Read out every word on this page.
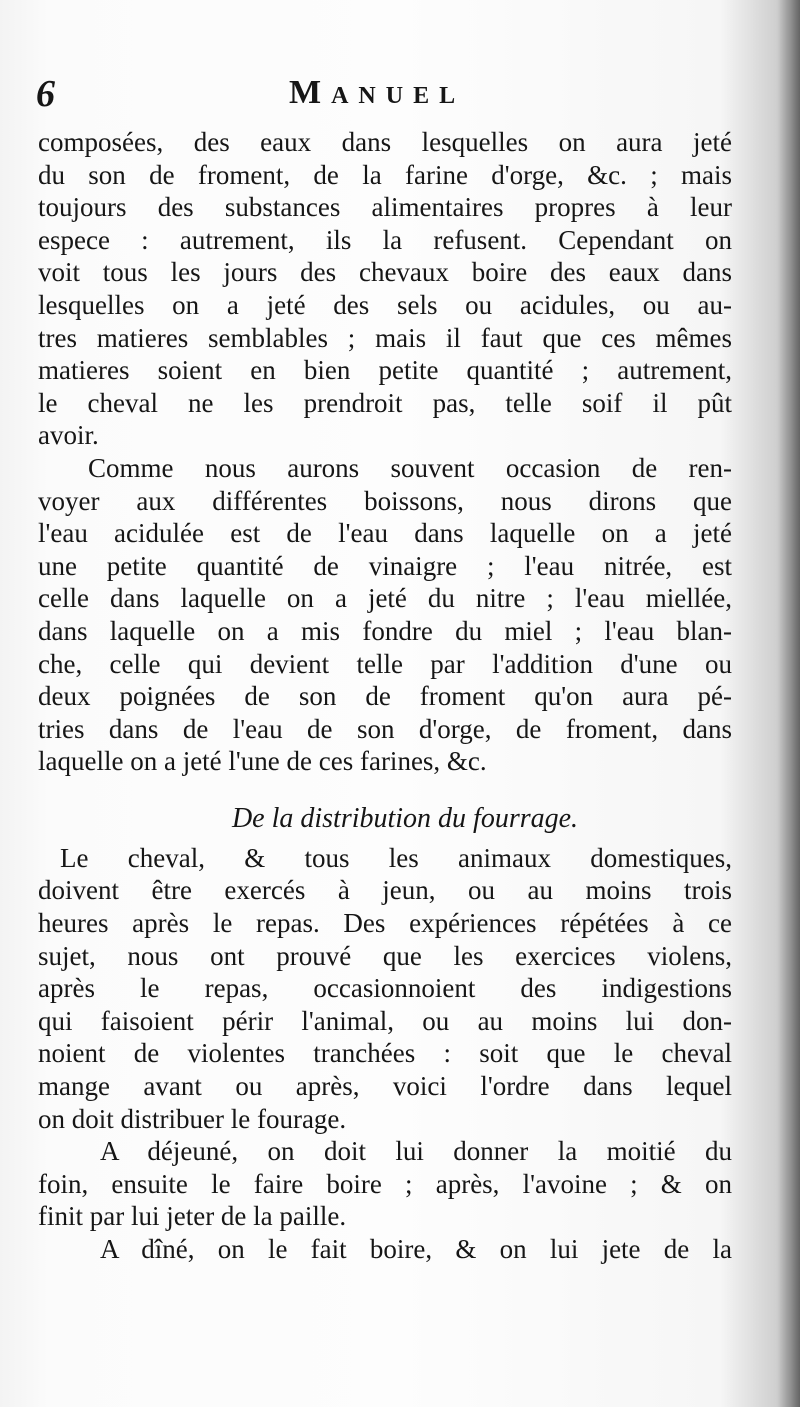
6	Manuel
composées, des eaux dans lesquelles on aura jeté
du son de froment, de la farine d'orge, &c. ; mais
toujours des substances alimentaires propres à leur
espece : autrement, ils la refusent. Cependant on
voit tous les jours des chevaux boire des eaux dans
lesquelles on a jeté des sels ou acidules, ou au-
tres matieres semblables ; mais il faut que ces mêmes
matieres soient en bien petite quantité ; autrement,
le cheval ne les prendroit pas, telle soif il pût
avoir.
Comme nous aurons souvent occasion de ren-
voyer aux différentes boissons, nous dirons que
l'eau acidulée est de l'eau dans laquelle on a jeté
une petite quantité de vinaigre ; l'eau nitrée, est
celle dans laquelle on a jeté du nitre ; l'eau miellée,
dans laquelle on a mis fondre du miel ; l'eau blan-
che, celle qui devient telle par l'addition d'une ou
deux poignées de son de froment qu'on aura pé-
tries dans de l'eau de son d'orge, de froment, dans
laquelle on a jeté l'une de ces farines, &c.
De la distribution du fourrage.
Le cheval, & tous les animaux domestiques,
doivent être exercés à jeun, ou au moins trois
heures après le repas. Des expériences répétées à ce
sujet, nous ont prouvé que les exercices violens,
après le repas, occasionnoient des indigestions
qui faisoient périr l'animal, ou au moins lui don-
noient de violentes tranchées : soit que le cheval
mange avant ou après, voici l'ordre dans lequel
on doit distribuer le fourage.
A déjeuné, on doit lui donner la moitié du
foin, ensuite le faire boire ; après, l'avoine ; & on
finit par lui jeter de la paille.
A dîné, on le fait boire, & on lui jete de la
